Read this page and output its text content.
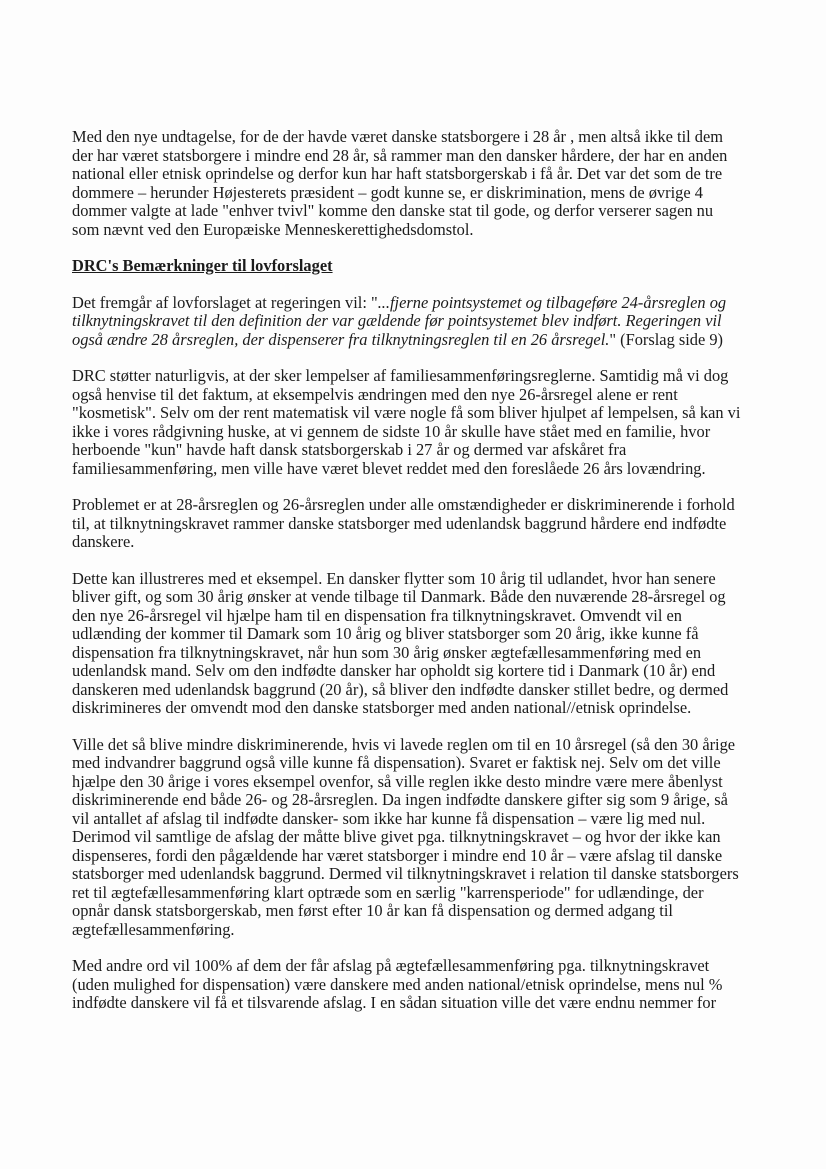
Med den nye undtagelse, for de der havde været danske statsborgere i 28 år , men altså ikke til dem der har været statsborgere i mindre end 28 år, så rammer man den dansker hårdere, der har en anden national eller etnisk oprindelse og derfor kun har haft statsborgerskab i få år. Det var det som de tre dommere – herunder Højesterets præsident – godt kunne se, er diskrimination, mens de øvrige 4 dommer valgte at lade "enhver tvivl" komme den danske stat til gode, og derfor verserer sagen nu som nævnt ved den Europæiske Menneskerettighedsdomstol.

DRC's Bemærkninger til lovforslaget

Det fremgår af lovforslaget at regeringen vil: "...fjerne pointsystemet og tilbageføre 24-årsreglen og tilknytningskravet til den definition der var gældende før pointsystemet blev indført. Regeringen vil også ændre 28 årsreglen, der dispenserer fra tilknytningsreglen til en 26 årsregel." (Forslag side 9)

DRC støtter naturligvis, at der sker lempelser af familiesammenføringsreglerne. Samtidig må vi dog også henvise til det faktum, at eksempelvis ændringen med den nye 26-årsregel alene er rent "kosmetisk". Selv om der rent matematisk vil være nogle få som bliver hjulpet af lempelsen, så kan vi ikke i vores rådgivning huske, at vi gennem de sidste 10 år skulle have stået med en familie, hvor herboende "kun" havde haft dansk statsborgerskab i 27 år og dermed var afskåret fra familiesammenføring, men ville have været blevet reddet med den foreslåede 26 års lovændring.

Problemet er at 28-årsreglen og 26-årsreglen under alle omstændigheder er diskriminerende i forhold til, at tilknytningskravet rammer danske statsborger med udenlandsk baggrund hårdere end indfødte danskere.

Dette kan illustreres med et eksempel. En dansker flytter som 10 årig til udlandet, hvor han senere bliver gift, og som 30 årig ønsker at vende tilbage til Danmark. Både den nuværende 28-årsregel og den nye 26-årsregel vil hjælpe ham til en dispensation fra tilknytningskravet. Omvendt vil en udlænding der kommer til Damark som 10 årig og bliver statsborger som 20 årig, ikke kunne få dispensation fra tilknytningskravet, når hun som 30 årig ønsker ægtefællesammenføring med en udenlandsk mand. Selv om den indfødte dansker har opholdt sig kortere tid i Danmark (10 år) end danskeren med udenlandsk baggrund (20 år), så bliver den indfødte dansker stillet bedre, og dermed diskrimineres der omvendt mod den danske statsborger med anden national//etnisk oprindelse.

Ville det så blive mindre diskriminerende, hvis vi lavede reglen om til en 10 årsregel (så den 30 årige med indvandrer baggrund også ville kunne få dispensation). Svaret er faktisk nej. Selv om det ville hjælpe den 30 årige i vores eksempel ovenfor, så ville reglen ikke desto mindre være mere åbenlyst diskriminerende end både 26- og 28-årsreglen. Da ingen indfødte danskere gifter sig som 9 årige, så vil antallet af afslag til indfødte dansker- som ikke har kunne få dispensation – være lig med nul. Derimod vil samtlige de afslag der måtte blive givet pga. tilknytningskravet – og hvor der ikke kan dispenseres, fordi den pågældende har været statsborger i mindre end 10 år – være afslag til danske statsborger med udenlandsk baggrund. Dermed vil tilknytningskravet i relation til danske statsborgers ret til ægtefællesammenføring klart optræde som en særlig "karrensperiode" for udlændinge, der opnår dansk statsborgerskab, men først efter 10 år kan få dispensation og dermed adgang til ægtefællesammenføring.

Med andre ord vil 100% af dem der får afslag på ægtefællesammenføring pga. tilknytningskravet (uden mulighed for dispensation) være danskere med anden national/etnisk oprindelse, mens nul % indfødte danskere vil få et tilsvarende afslag. I en sådan situation ville det være endnu nemmer for
